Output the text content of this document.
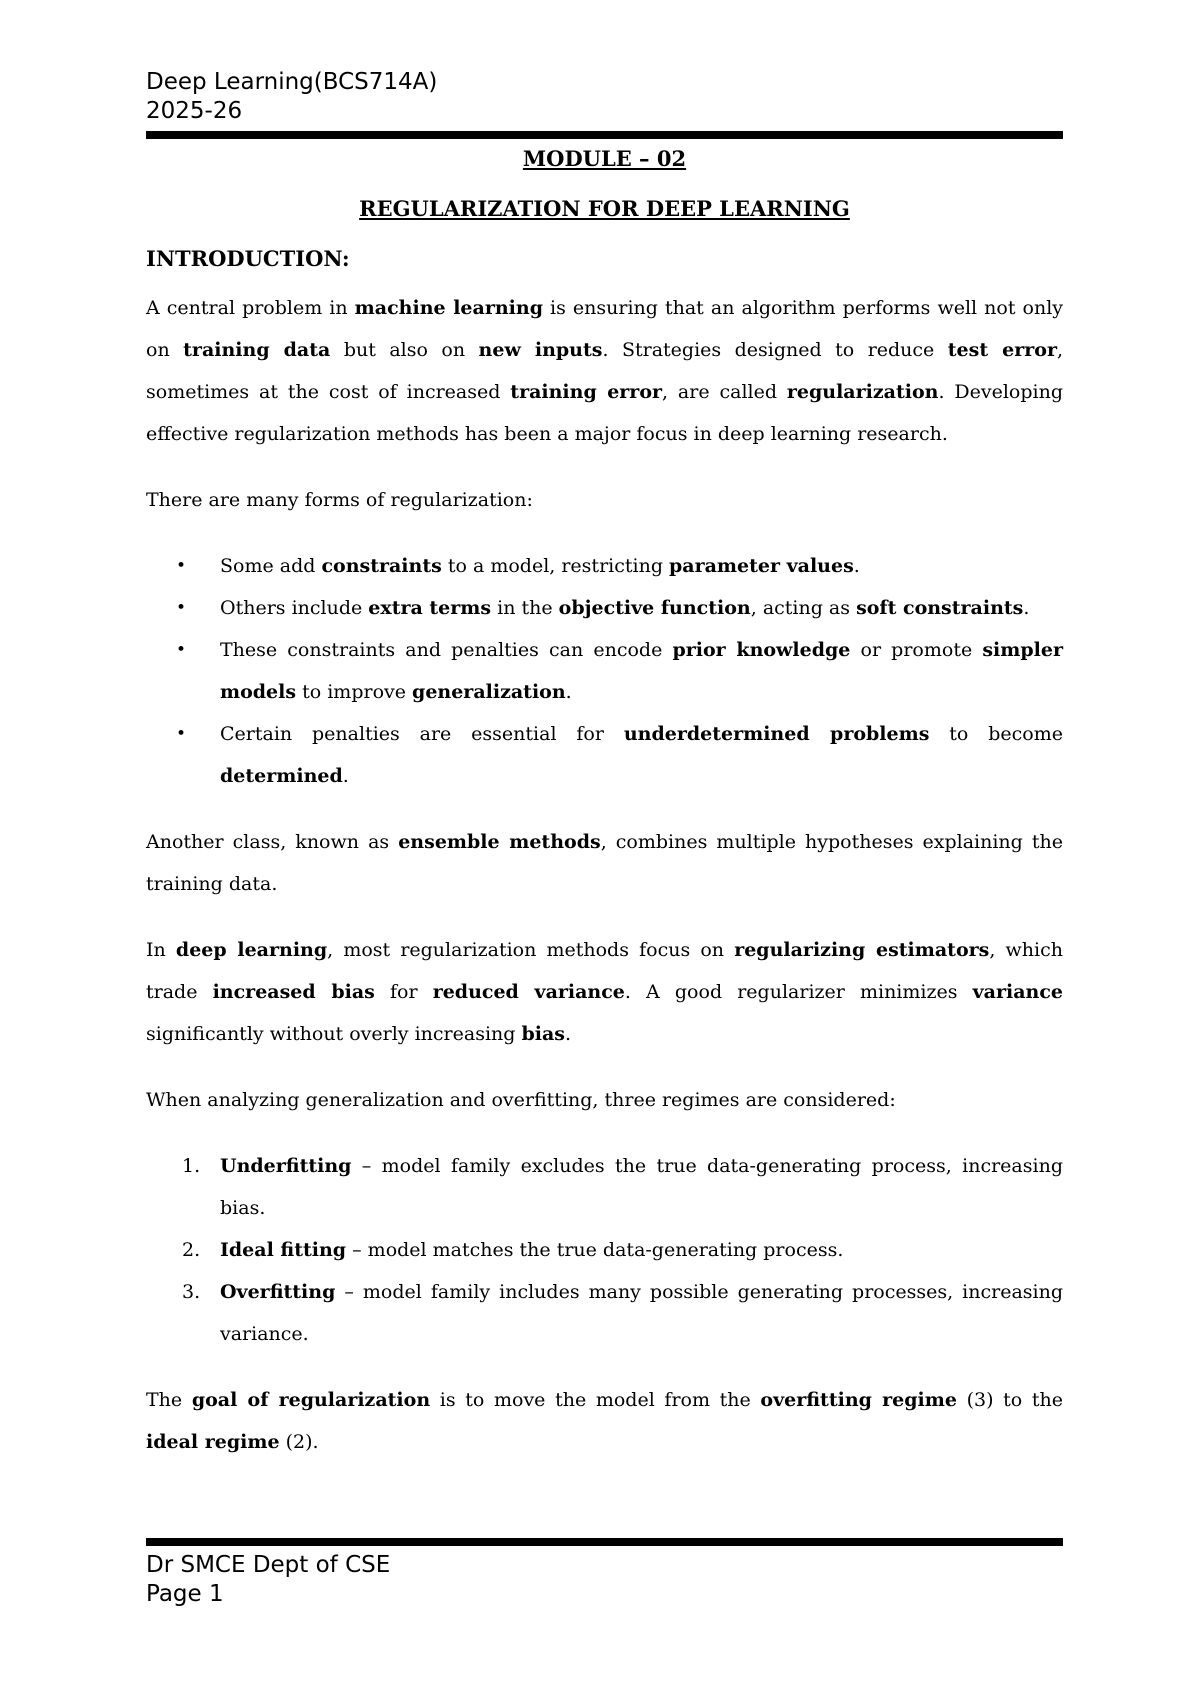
Deep Learning(BCS714A)
2025-26

MODULE – 02

REGULARIZATION FOR DEEP LEARNING

INTRODUCTION:

A central problem in machine learning is ensuring that an algorithm performs well not only on training data but also on new inputs. Strategies designed to reduce test error, sometimes at the cost of increased training error, are called regularization. Developing effective regularization methods has been a major focus in deep learning research.

There are many forms of regularization:

• Some add constraints to a model, restricting parameter values.
• Others include extra terms in the objective function, acting as soft constraints.
• These constraints and penalties can encode prior knowledge or promote simpler models to improve generalization.
• Certain penalties are essential for underdetermined problems to become determined.

Another class, known as ensemble methods, combines multiple hypotheses explaining the training data.

In deep learning, most regularization methods focus on regularizing estimators, which trade increased bias for reduced variance. A good regularizer minimizes variance significantly without overly increasing bias.

When analyzing generalization and overfitting, three regimes are considered:

1. Underfitting – model family excludes the true data-generating process, increasing bias.
2. Ideal fitting – model matches the true data-generating process.
3. Overfitting – model family includes many possible generating processes, increasing variance.

The goal of regularization is to move the model from the overfitting regime (3) to the ideal regime (2).

Dr SMCE Dept of CSE
Page 1
